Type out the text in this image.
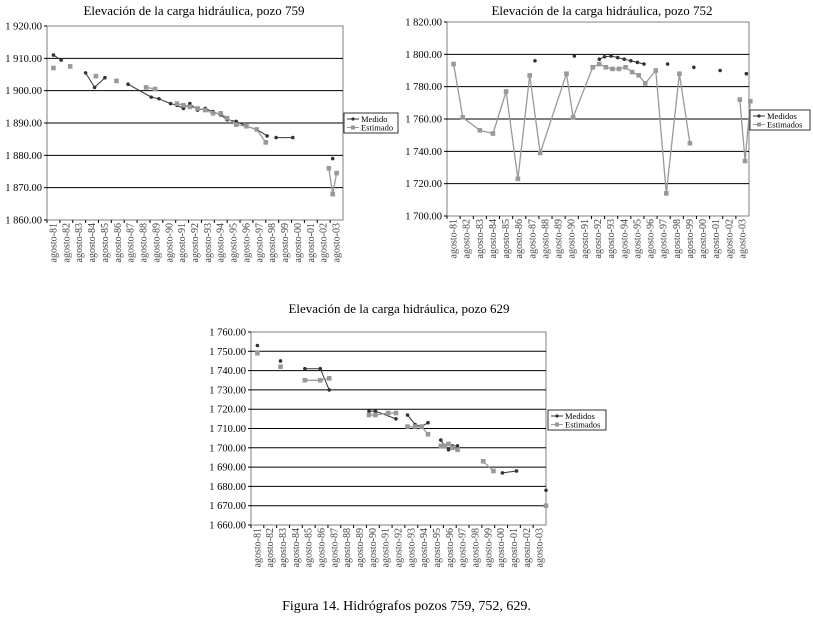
Elevación de la carga hidráulica, pozo 759
1 860.00
1 870.00
1 880.00
1 890.00
1 900.00
1 910.00
1 920.00
agosto-81 agosto-82 agosto-83 agosto-84 agosto-85 agosto-86 agosto-87 agosto-88 agosto-89 agosto-90 agosto-91 agosto-92 agosto-93 agosto-94 agosto-95 agosto-96 agosto-97 agosto-98 agosto-99 agosto-00 agosto-01 agosto-02 agosto-03
Medido
Estimado
Elevación de la carga hidráulica, pozo 752
1 700.00
1 720.00
1 740.00
1 760.00
1 780.00
1 800.00
1 820.00
agosto-81 agosto-82 agosto-83 agosto-84 agosto-85 agosto-86 agosto-87 agosto-88 agosto-89 agosto-90 agosto-91 agosto-92 agosto-93 agosto-94 agosto-95 agosto-96 agosto-97 agosto-98 agosto-99 agosto-00 agosto-01 agosto-02 agosto-03
Medidos
Estimados
Elevación de la carga hidráulica, pozo 629
1 660.00
1 670.00
1 680.00
1 690.00
1 700.00
1 710.00
1 720.00
1 730.00
1 740.00
1 750.00
1 760.00
agosto-81 agosto-82 agosto-83 agosto-84 agosto-85 agosto-86 agosto-87 agosto-88 agosto-89 agosto-90 agosto-91 agosto-92 agosto-93 agosto-94 agosto-95 agosto-96 agosto-97 agosto-98 agosto-99 agosto-00 agosto-01 agosto-02 agosto-03
Medidos
Estimados
Figura 14. Hidrógrafos pozos 759, 752, 629.
